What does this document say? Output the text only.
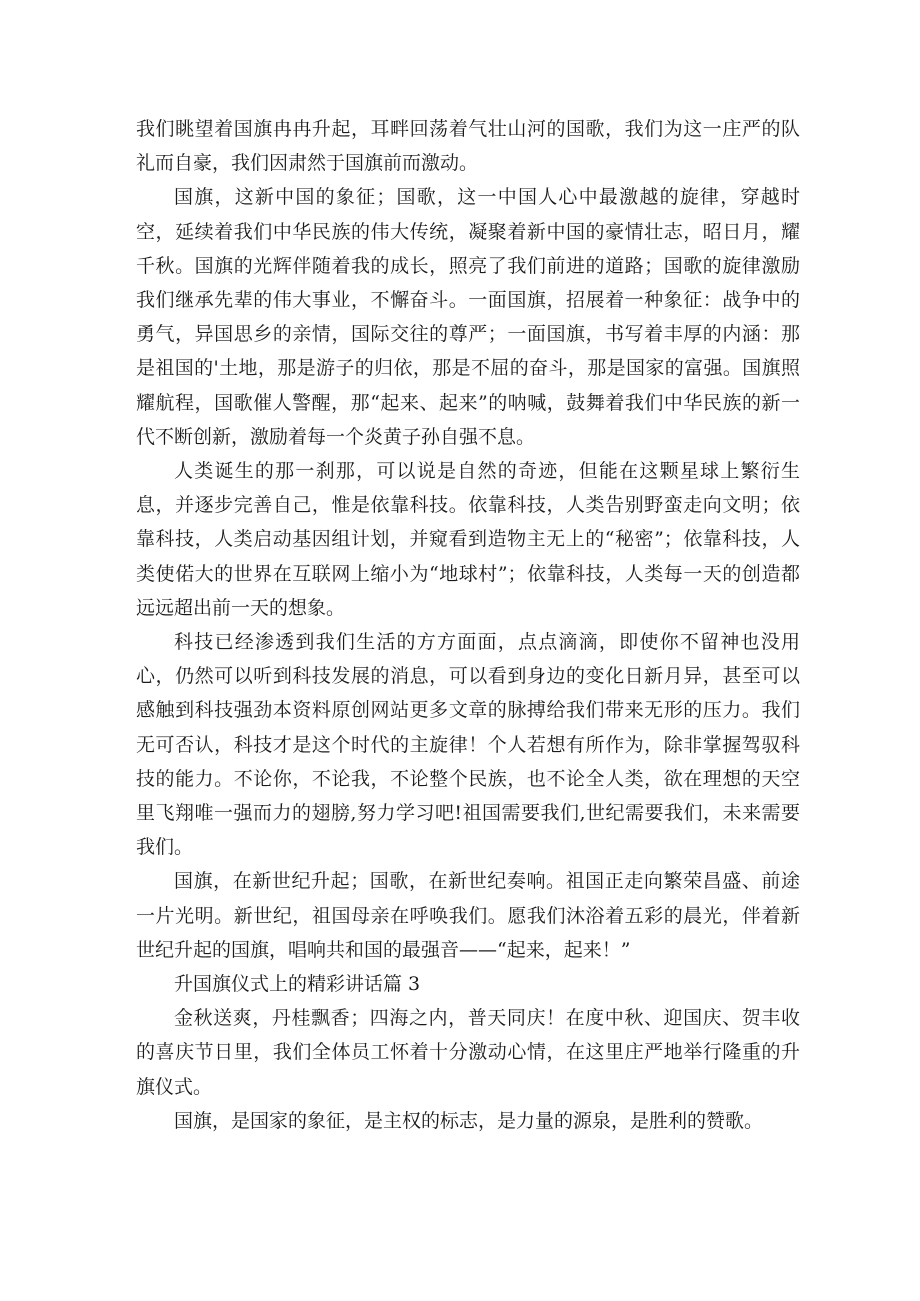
我们眺望着国旗冉冉升起，耳畔回荡着气壮山河的国歌，我们为这一庄严的队礼而自豪，我们因肃然于国旗前而激动。

国旗，这新中国的象征；国歌，这一中国人心中最激越的旋律，穿越时空，延续着我们中华民族的伟大传统，凝聚着新中国的豪情壮志，昭日月，耀千秋。国旗的光辉伴随着我的成长，照亮了我们前进的道路；国歌的旋律激励我们继承先辈的伟大事业，不懈奋斗。一面国旗，招展着一种象征：战争中的勇气，异国思乡的亲情，国际交往的尊严；一面国旗，书写着丰厚的内涵：那是祖国的'土地，那是游子的归依，那是不屈的奋斗，那是国家的富强。国旗照耀航程，国歌催人警醒，那“起来、起来”的呐喊，鼓舞着我们中华民族的新一代不断创新，激励着每一个炎黄子孙自强不息。

人类诞生的那一刹那，可以说是自然的奇迹，但能在这颗星球上繁衍生息，并逐步完善自己，惟是依靠科技。依靠科技，人类告别野蛮走向文明；依靠科技，人类启动基因组计划，并窥看到造物主无上的“秘密”；依靠科技，人类使偌大的世界在互联网上缩小为“地球村”；依靠科技，人类每一天的创造都远远超出前一天的想象。

科技已经渗透到我们生活的方方面面，点点滴滴，即使你不留神也没用心，仍然可以听到科技发展的消息，可以看到身边的变化日新月异，甚至可以感触到科技强劲本资料原创网站更多文章的脉搏给我们带来无形的压力。我们无可否认，科技才是这个时代的主旋律！个人若想有所作为，除非掌握驾驭科技的能力。不论你，不论我，不论整个民族，也不论全人类，欲在理想的天空里飞翔唯一强而力的翅膀,努力学习吧!祖国需要我们,世纪需要我们，未来需要我们。

国旗，在新世纪升起；国歌，在新世纪奏响。祖国正走向繁荣昌盛、前途一片光明。新世纪，祖国母亲在呼唤我们。愿我们沐浴着五彩的晨光，伴着新世纪升起的国旗，唱响共和国的最强音——“起来，起来！”

升国旗仪式上的精彩讲话篇 3

金秋送爽，丹桂飘香；四海之内，普天同庆！在度中秋、迎国庆、贺丰收的喜庆节日里，我们全体员工怀着十分激动心情，在这里庄严地举行隆重的升旗仪式。

国旗，是国家的象征，是主权的标志，是力量的源泉，是胜利的赞歌。
